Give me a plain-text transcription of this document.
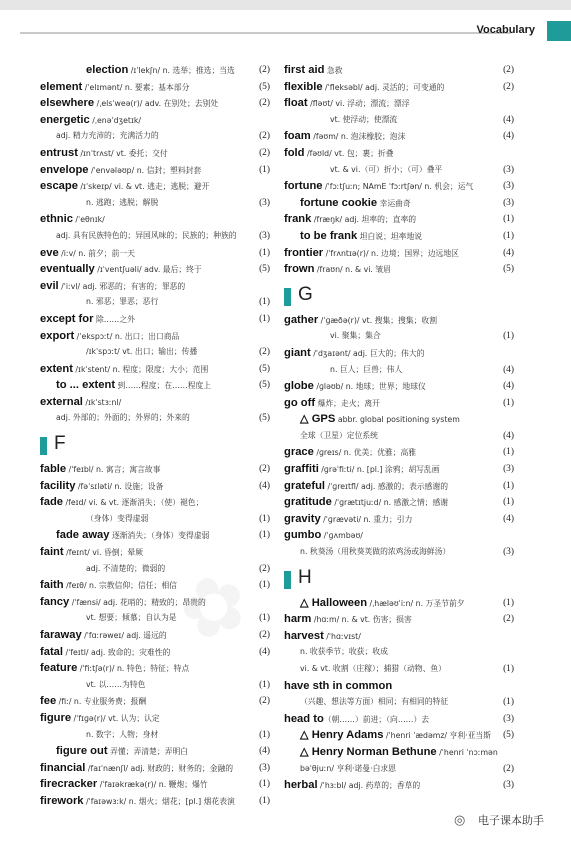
Vocabulary
election /ɪˈlekʃn/ n. 选举；推选；当选	(2)
element /ˈelɪmənt/ n. 要素；基本部分	(5)
elsewhere /ˌelsˈweə(r)/ adv. 在别处；去别处	(2)
energetic /ˌenəˈdʒetɪk/
adj. 精力充沛的；充满活力的	(2)
entrust /ɪnˈtrʌst/ vt. 委托；交付	(2)
envelope /ˈenvələʊp/ n. 信封；塑料封套	(1)
escape /ɪˈskeɪp/ vi. & vt. 逃走；逃脱；避开
n. 逃跑；逃脱；解脱	(3)
ethnic /ˈeθnɪk/
adj. 具有民族特色的；异国风味的；民族的；种族的 (3)
eve /iːv/ n. 前夕；前一天	(1)
eventually /ɪˈventʃuəli/ adv. 最后；终于	(5)
evil /ˈiːvl/ adj. 邪恶的；有害的；罪恶的
n. 邪恶；罪恶；恶行	(1)
except for 除……之外	(1)
export /ˈekspɔːt/ n. 出口；出口商品
/ɪkˈspɔːt/ vt. 出口；输出；传播	(2)
extent /ɪkˈstent/ n. 程度；限度；大小；范围	(5)
to ... extent 到……程度；在……程度上	(5)
external /ɪkˈstɜːnl/
adj. 外部的；外面的；外界的；外来的	(5)
F
fable /ˈfeɪbl/ n. 寓言；寓言故事	(2)
facility /fəˈsɪləti/ n. 设施；设备	(4)
fade /feɪd/ vi. & vt. 逐渐消失；（使）褪色；
（身体）变得虚弱	(1)
fade away 逐渐消失；（身体）变得虚弱	(1)
faint /feɪnt/ vi. 昏倒；晕厥
adj. 不清楚的；微弱的	(2)
faith /feɪθ/ n. 宗教信仰；信任；相信	(1)
fancy /ˈfænsi/ adj. 花哨的；精致的；昂贵的
vt. 想要；倾慕；自认为是	(1)
faraway /ˈfɑːrəweɪ/ adj. 遥远的	(2)
fatal /ˈfeɪtl/ adj. 致命的；灾难性的	(4)
feature /ˈfiːtʃə(r)/ n. 特色；特征；特点
vt. 以……为特色	(1)
fee /fiː/ n. 专业服务费；报酬	(2)
figure /ˈfɪɡə(r)/ vt. 认为；认定
n. 数字；人物；身材	(1)
figure out 弄懂；弄清楚；弄明白	(4)
financial /faɪˈnænʃl/ adj. 财政的；财务的；金融的	(3)
firecracker /ˈfaɪəkrækə(r)/ n. 鞭炮；爆竹	(1)
firework /ˈfaɪəwɜːk/ n. 烟火；烟花；[pl.] 烟花表演	(1)
first aid 急救	(2)
flexible /ˈfleksəbl/ adj. 灵活的；可变通的	(2)
float /fləʊt/ vi. 浮动；漂流；漂浮
vt. 使浮动；使漂流	(4)
foam /fəʊm/ n. 泡沫橡胶；泡沫	(4)
fold /fəʊld/ vt. 包；裹；折叠
vt. & vi.（可）折小；（可）叠平	(3)
fortune /ˈfɔːtʃuːn; NAmE ˈfɔːrtʃən/ n. 机会；运气	(3)
fortune cookie 幸运曲奇	(3)
frank /fræŋk/ adj. 坦率的；直率的	(1)
to be frank 坦白说；坦率地说	(1)
frontier /ˈfrʌntɪə(r)/ n. 边境；国界；边远地区	(4)
frown /fraʊn/ n. & vi. 皱眉	(5)
G
gather /ˈɡæðə(r)/ vt. 搜集；搜集；收割
vi. 聚集；集合	(1)
giant /ˈdʒaɪənt/ adj. 巨大的；伟大的
n. 巨人；巨兽；伟人	(4)
globe /ɡləʊb/ n. 地球；世界；地球仪	(4)
go off 爆炸；走火；离开	(1)
△ GPS abbr. global positioning system
全球（卫星）定位系统	(4)
grace /ɡreɪs/ n. 优美；优雅；高雅	(1)
graffiti /ɡrəˈfiːti/ n. [pl.] 涂鸦；胡写乱画	(3)
grateful /ˈɡreɪtfl/ adj. 感激的；表示感谢的	(1)
gratitude /ˈɡrætɪtjuːd/ n. 感激之情；感谢	(1)
gravity /ˈɡrævəti/ n. 重力；引力	(4)
gumbo /ˈɡʌmbəʊ/
n. 秋葵汤（用秋葵荚做的浓鸡汤或海鲜汤）	(3)
H
△ Halloween /ˌhæləʊˈiːn/ n. 万圣节前夕	(1)
harm /hɑːm/ n. & vt. 伤害；损害	(2)
harvest /ˈhɑːvɪst/
n. 收获季节；收获；收成
vi. & vt. 收割（庄稼）；捕猎（动物、鱼）	(1)
have sth in common
（兴趣、想法等方面）相同；有相同的特征	(1)
head to（朝……）前进；（向……）去	(3)
△ Henry Adams /ˈhenri ˈædəmz/ 亨利·亚当斯 (5)
△ Henry Norman Bethune /ˈhenri ˈnɔːmən
bəˈθjuːn/ 亨利·诺曼·白求恩	(2)
herbal /ˈhɜːbl/ adj. 药草的；香草的	(3)
◎	电子课本助手
